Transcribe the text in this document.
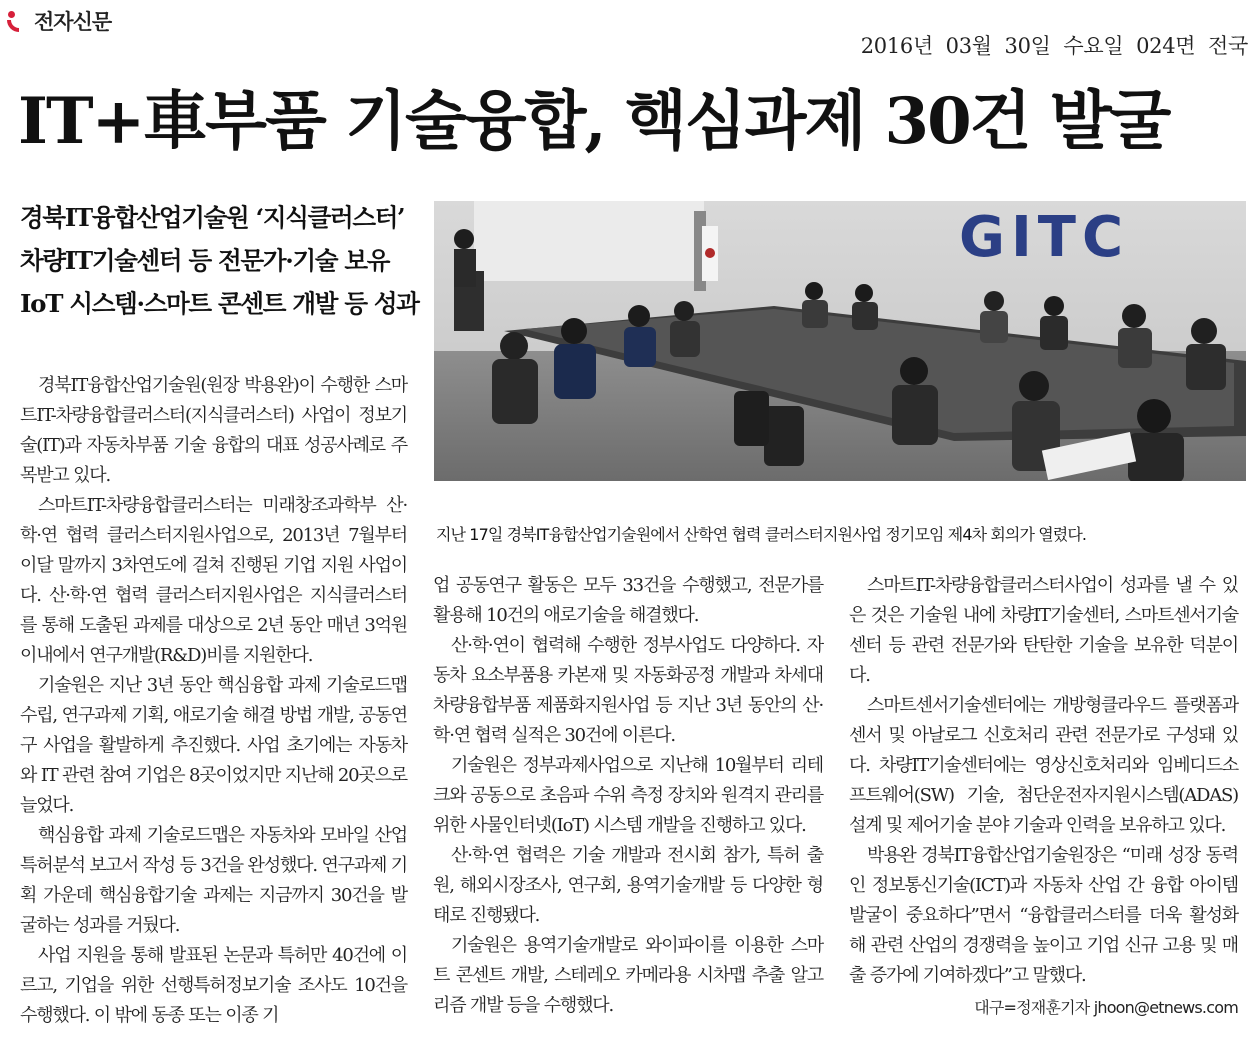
전자신문
2016년  03월  30일  수요일  024면  전국
IT+車부품 기술융합, 핵심과제 30건 발굴
경북IT융합산업기술원 ‘지식클러스터’
차량IT기술센터 등 전문가·기술 보유
IoT 시스템·스마트 콘센트 개발 등 성과
GITC
지난 17일 경북IT융합산업기술원에서 산학연 협력 클러스터지원사업 정기모임 제4차 회의가 열렸다.

경북IT융합산업기술원(원장 박용완)이 수행한 스마트IT-차량융합클러스터(지식클러스터) 사업이 정보기술(IT)과 자동차부품 기술 융합의 대표 성공사례로 주목받고 있다.

스마트IT-차량융합클러스터는 미래창조과학부 산·학·연 협력 클러스터지원사업으로, 2013년 7월부터 이달 말까지 3차연도에 걸쳐 진행된 기업 지원 사업이다. 산·학·연 협력 클러스터지원사업은 지식클러스터를 통해 도출된 과제를 대상으로 2년 동안 매년 3억원 이내에서 연구개발(R&D)비를 지원한다.

기술원은 지난 3년 동안 핵심융합 과제 기술로드맵 수립, 연구과제 기획, 애로기술 해결 방법 개발, 공동연구 사업을 활발하게 추진했다. 사업 초기에는 자동차와 IT 관련 참여 기업은 8곳이었지만 지난해 20곳으로 늘었다.

핵심융합 과제 기술로드맵은 자동차와 모바일 산업 특허분석 보고서 작성 등 3건을 완성했다. 연구과제 기획 가운데 핵심융합기술 과제는 지금까지 30건을 발굴하는 성과를 거뒀다.

사업 지원을 통해 발표된 논문과 특허만 40건에 이르고, 기업을 위한 선행특허정보기술 조사도 10건을 수행했다. 이 밖에 동종 또는 이종 기

업 공동연구 활동은 모두 33건을 수행했고, 전문가를 활용해 10건의 애로기술을 해결했다.

산·학·연이 협력해 수행한 정부사업도 다양하다. 자동차 요소부품용 카본재 및 자동화공정 개발과 차세대 차량융합부품 제품화지원사업 등 지난 3년 동안의 산·학·연 협력 실적은 30건에 이른다.

기술원은 정부과제사업으로 지난해 10월부터 리테크와 공동으로 초음파 수위 측정 장치와 원격지 관리를 위한 사물인터넷(IoT) 시스템 개발을 진행하고 있다.

산·학·연 협력은 기술 개발과 전시회 참가, 특허 출원, 해외시장조사, 연구회, 용역기술개발 등 다양한 형태로 진행됐다.

기술원은 용역기술개발로 와이파이를 이용한 스마트 콘센트 개발, 스테레오 카메라용 시차맵 추출 알고리즘 개발 등을 수행했다.

스마트IT-차량융합클러스터사업이 성과를 낼 수 있은 것은 기술원 내에 차량IT기술센터, 스마트센서기술센터 등 관련 전문가와 탄탄한 기술을 보유한 덕분이다.

스마트센서기술센터에는 개방형클라우드 플랫폼과 센서 및 아날로그 신호처리 관련 전문가로 구성돼 있다. 차량IT기술센터에는 영상신호처리와 임베디드소프트웨어(SW) 기술, 첨단운전자지원시스템(ADAS) 설계 및 제어기술 분야 기술과 인력을 보유하고 있다.

박용완 경북IT융합산업기술원장은 “미래 성장 동력인 정보통신기술(ICT)과 자동차 산업 간 융합 아이템 발굴이 중요하다”면서 “융합클러스터를 더욱 활성화해 관련 산업의 경쟁력을 높이고 기업 신규 고용 및 매출 증가에 기여하겠다”고 말했다.

대구=정재훈기자 jhoon@etnews.com
